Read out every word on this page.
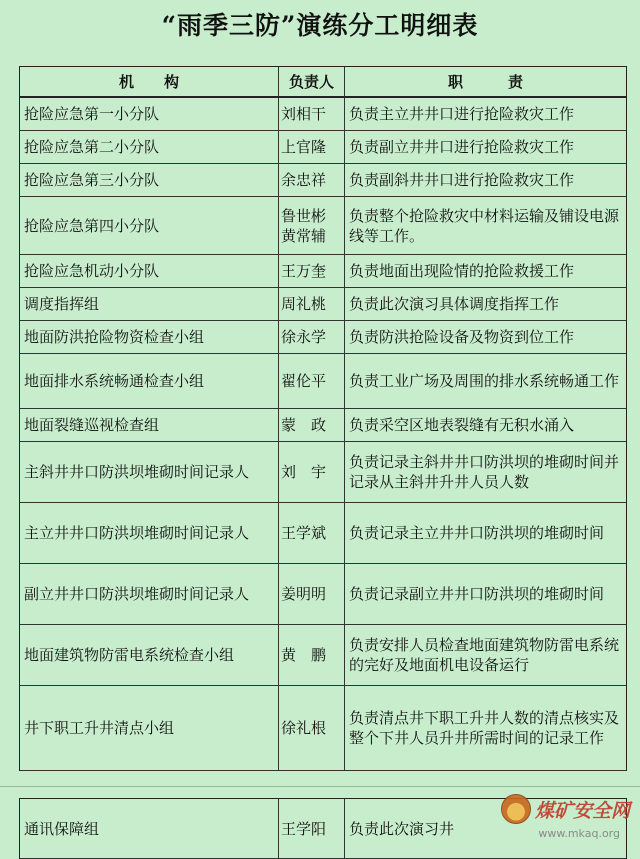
“雨季三防”演练分工明细表
机　　构	负责人	职　　　责
抢险应急第一小分队	刘相干	负责主立井井口进行抢险救灾工作
抢险应急第二小分队	上官隆	负责副立井井口进行抢险救灾工作
抢险应急第三小分队	余忠祥	负责副斜井井口进行抢险救灾工作
抢险应急第四小分队	鲁世彬 黄常辅	负责整个抢险救灾中材料运输及铺设电源线等工作。
抢险应急机动小分队	王万奎	负责地面出现险情的抢险救援工作
调度指挥组	周礼桃	负责此次演习具体调度指挥工作
地面防洪抢险物资检查小组	徐永学	负责防洪抢险设备及物资到位工作
地面排水系统畅通检查小组	翟伦平	负责工业广场及周围的排水系统畅通工作
地面裂缝巡视检查组	蒙　政	负责采空区地表裂缝有无积水涌入
主斜井井口防洪坝堆砌时间记录人	刘　宇	负责记录主斜井井口防洪坝的堆砌时间并记录从主斜井升井人员人数
主立井井口防洪坝堆砌时间记录人	王学斌	负责记录主立井井口防洪坝的堆砌时间
副立井井口防洪坝堆砌时间记录人	姜明明	负责记录副立井井口防洪坝的堆砌时间
地面建筑物防雷电系统检查小组	黄　鹏	负责安排人员检查地面建筑物防雷电系统的完好及地面机电设备运行
井下职工升井清点小组	徐礼根	负责清点井下职工升井人数的清点核实及整个下井人员升井所需时间的记录工作
通讯保障组	王学阳	负责此次演习井
煤矿安全网
www.mkaq.org
